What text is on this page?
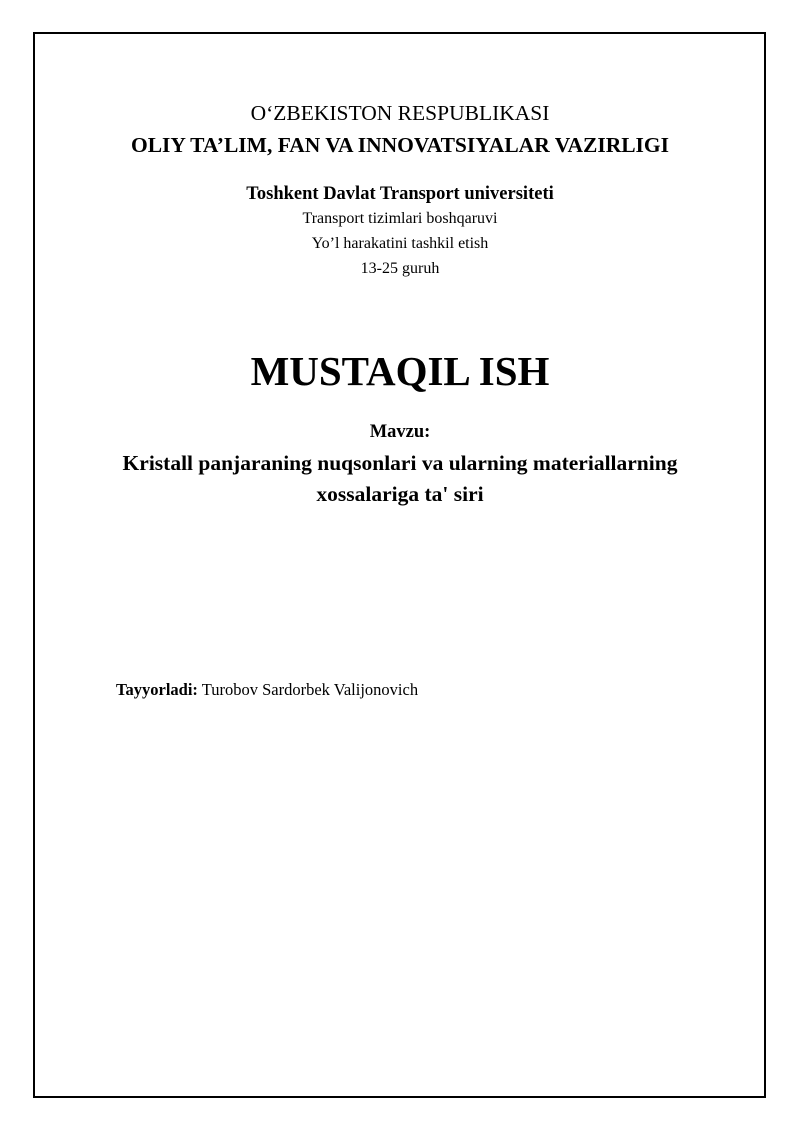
O‘ZBEKISTON RESPUBLIKASI
OLIY TA’LIM, FAN VA INNOVATSIYALAR VAZIRLIGI
Toshkent Davlat Transport universiteti
Transport tizimlari boshqaruvi
Yo’l harakatini tashkil etish
13-25 guruh
MUSTAQIL ISH
Mavzu:
Kristall panjaraning nuqsonlari va ularning materiallarning
xossalariga ta' siri
Tayyorladi: Turobov Sardorbek Valijonovich
